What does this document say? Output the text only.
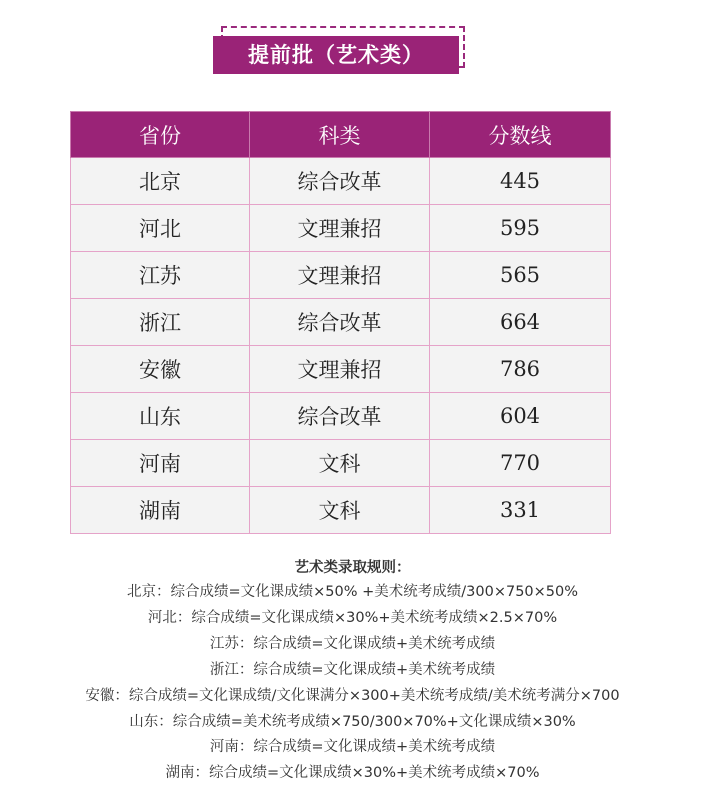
提前批（艺术类）
省份	科类	分数线
北京	综合改革	445
河北	文理兼招	595
江苏	文理兼招	565
浙江	综合改革	664
安徽	文理兼招	786
山东	综合改革	604
河南	文科	770
湖南	文科	331
艺术类录取规则：
北京：综合成绩=文化课成绩×50% +美术统考成绩/300×750×50%
河北：综合成绩=文化课成绩×30%+美术统考成绩×2.5×70%
江苏：综合成绩=文化课成绩+美术统考成绩
浙江：综合成绩=文化课成绩+美术统考成绩
安徽：综合成绩=文化课成绩/文化课满分×300+美术统考成绩/美术统考满分×700
山东：综合成绩=美术统考成绩×750/300×70%+文化课成绩×30%
河南：综合成绩=文化课成绩+美术统考成绩
湖南：综合成绩=文化课成绩×30%+美术统考成绩×70%
